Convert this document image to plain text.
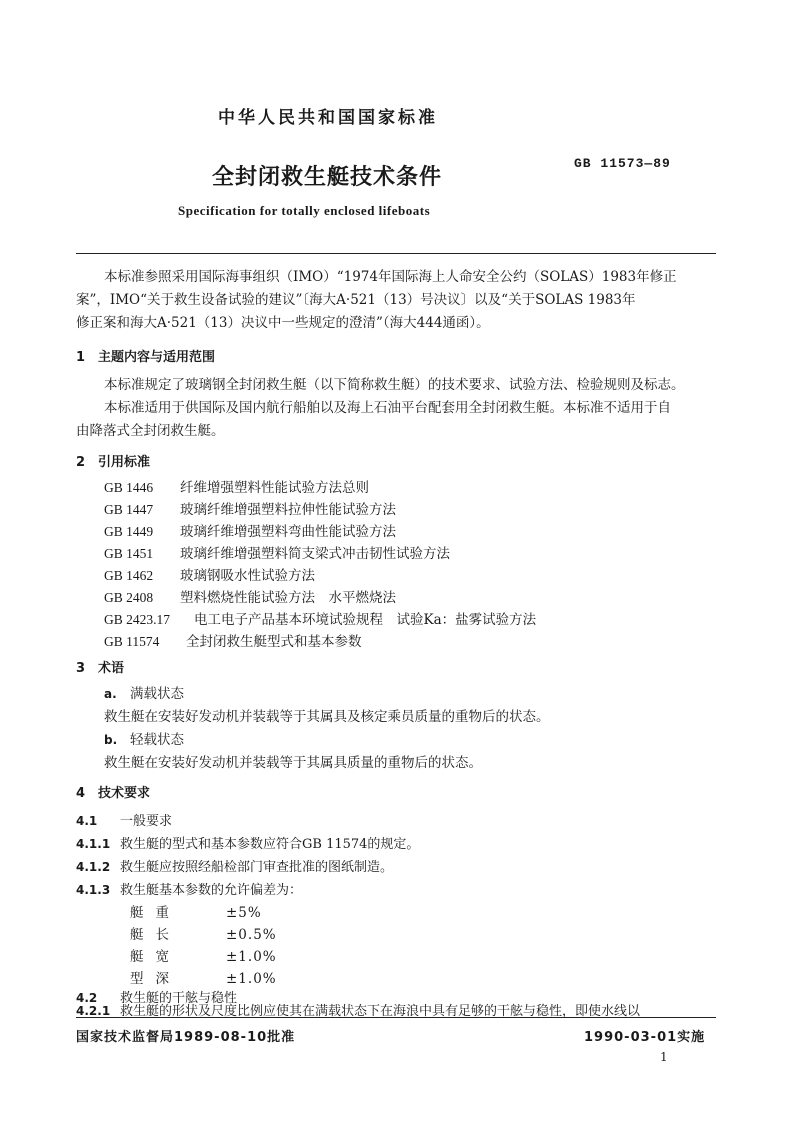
中华人民共和国国家标准
全封闭救生艇技术条件
GB 11573—89
Specification for totally enclosed lifeboats
本标准参照采用国际海事组织（IMO）“1974年国际海上人命安全公约（SOLAS）1983年修正
案”，IMO“关于救生设备试验的建议”〔海大A·521（13）号决议〕以及“关于SOLAS 1983年
修正案和海大A·521（13）决议中一些规定的澄清”（海大444通函）。
1 主题内容与适用范围
本标准规定了玻璃钢全封闭救生艇（以下简称救生艇）的技术要求、试验方法、检验规则及标志。
本标准适用于供国际及国内航行船舶以及海上石油平台配套用全封闭救生艇。本标准不适用于自
由降落式全封闭救生艇。
2 引用标准
GB 1446 纤维增强塑料性能试验方法总则
GB 1447 玻璃纤维增强塑料拉伸性能试验方法
GB 1449 玻璃纤维增强塑料弯曲性能试验方法
GB 1451 玻璃纤维增强塑料简支梁式冲击韧性试验方法
GB 1462 玻璃钢吸水性试验方法
GB 2408 塑料燃烧性能试验方法　水平燃烧法
GB 2423.17 电工电子产品基本环境试验规程　试验Ka：盐雾试验方法
GB 11574 全封闭救生艇型式和基本参数
3 术语
a. 满载状态
救生艇在安装好发动机并装载等于其属具及核定乘员质量的重物后的状态。
b. 轻载状态
救生艇在安装好发动机并装载等于其属具质量的重物后的状态。
4 技术要求
4.1 一般要求
4.1.1 救生艇的型式和基本参数应符合GB 11574的规定。
4.1.2 救生艇应按照经船检部门审查批准的图纸制造。
4.1.3 救生艇基本参数的允许偏差为：
艇重	±5%
艇长	±0.5%
艇宽	±1.0%
型深	±1.0%
4.2 救生艇的干舷与稳性
4.2.1 救生艇的形状及尺度比例应使其在满载状态下在海浪中具有足够的干舷与稳性，即使水线以
国家技术监督局1989-08-10批准	1990-03-01实施
1
